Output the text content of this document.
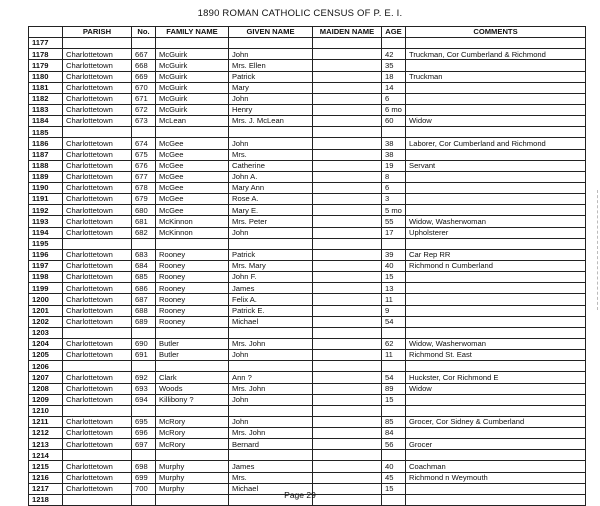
1890 ROMAN CATHOLIC CENSUS OF P. E. I.
	PARISH	No.	FAMILY NAME	GIVEN NAME	MAIDEN NAME	AGE	COMMENTS
1177							
1178	Charlottetown	667	McGuirk	John		42	Truckman, Cor Cumberland & Richmond
1179	Charlottetown	668	McGuirk	Mrs. Ellen		35	
1180	Charlottetown	669	McGuirk	Patrick		18	Truckman
1181	Charlottetown	670	McGuirk	Mary		14	
1182	Charlottetown	671	McGuirk	John		6	
1183	Charlottetown	672	McGuirk	Henry		6 mo	
1184	Charlottetown	673	McLean	Mrs. J. McLean		60	Widow
1185							
1186	Charlottetown	674	McGee	John		38	Laborer, Cor Cumberland and Richmond
1187	Charlottetown	675	McGee	Mrs.		38	
1188	Charlottetown	676	McGee	Catherine		19	Servant
1189	Charlottetown	677	McGee	John A.		8	
1190	Charlottetown	678	McGee	Mary Ann		6	
1191	Charlottetown	679	McGee	Rose A.		3	
1192	Charlottetown	680	McGee	Mary E.		5 mo	
1193	Charlottetown	681	McKinnon	Mrs. Peter		55	Widow, Washerwoman
1194	Charlottetown	682	McKinnon	John		17	Upholsterer
1195							
1196	Charlottetown	683	Rooney	Patrick		39	Car Rep RR
1197	Charlottetown	684	Rooney	Mrs. Mary		40	Richmond n Cumberland
1198	Charlottetown	685	Rooney	John F.		15	
1199	Charlottetown	686	Rooney	James		13	
1200	Charlottetown	687	Rooney	Felix A.		11	
1201	Charlottetown	688	Rooney	Patrick E.		9	
1202	Charlottetown	689	Rooney	Michael		54	
1203							
1204	Charlottetown	690	Butler	Mrs. John		62	Widow, Washerwoman
1205	Charlottetown	691	Butler	John		11	Richmond St. East
1206							
1207	Charlottetown	692	Clark	Ann ?		54	Huckster, Cor Richmond E
1208	Charlottetown	693	Woods	Mrs. John		89	Widow
1209	Charlottetown	694	Killibony ?	John		15	
1210							
1211	Charlottetown	695	McRory	John		85	Grocer, Cor Sidney & Cumberland
1212	Charlottetown	696	McRory	Mrs. John		84	
1213	Charlottetown	697	McRory	Bernard		56	Grocer
1214							
1215	Charlottetown	698	Murphy	James		40	Coachman
1216	Charlottetown	699	Murphy	Mrs.		45	Richmond n Weymouth
1217	Charlottetown	700	Murphy	Michael		15	
1218								Page 29
